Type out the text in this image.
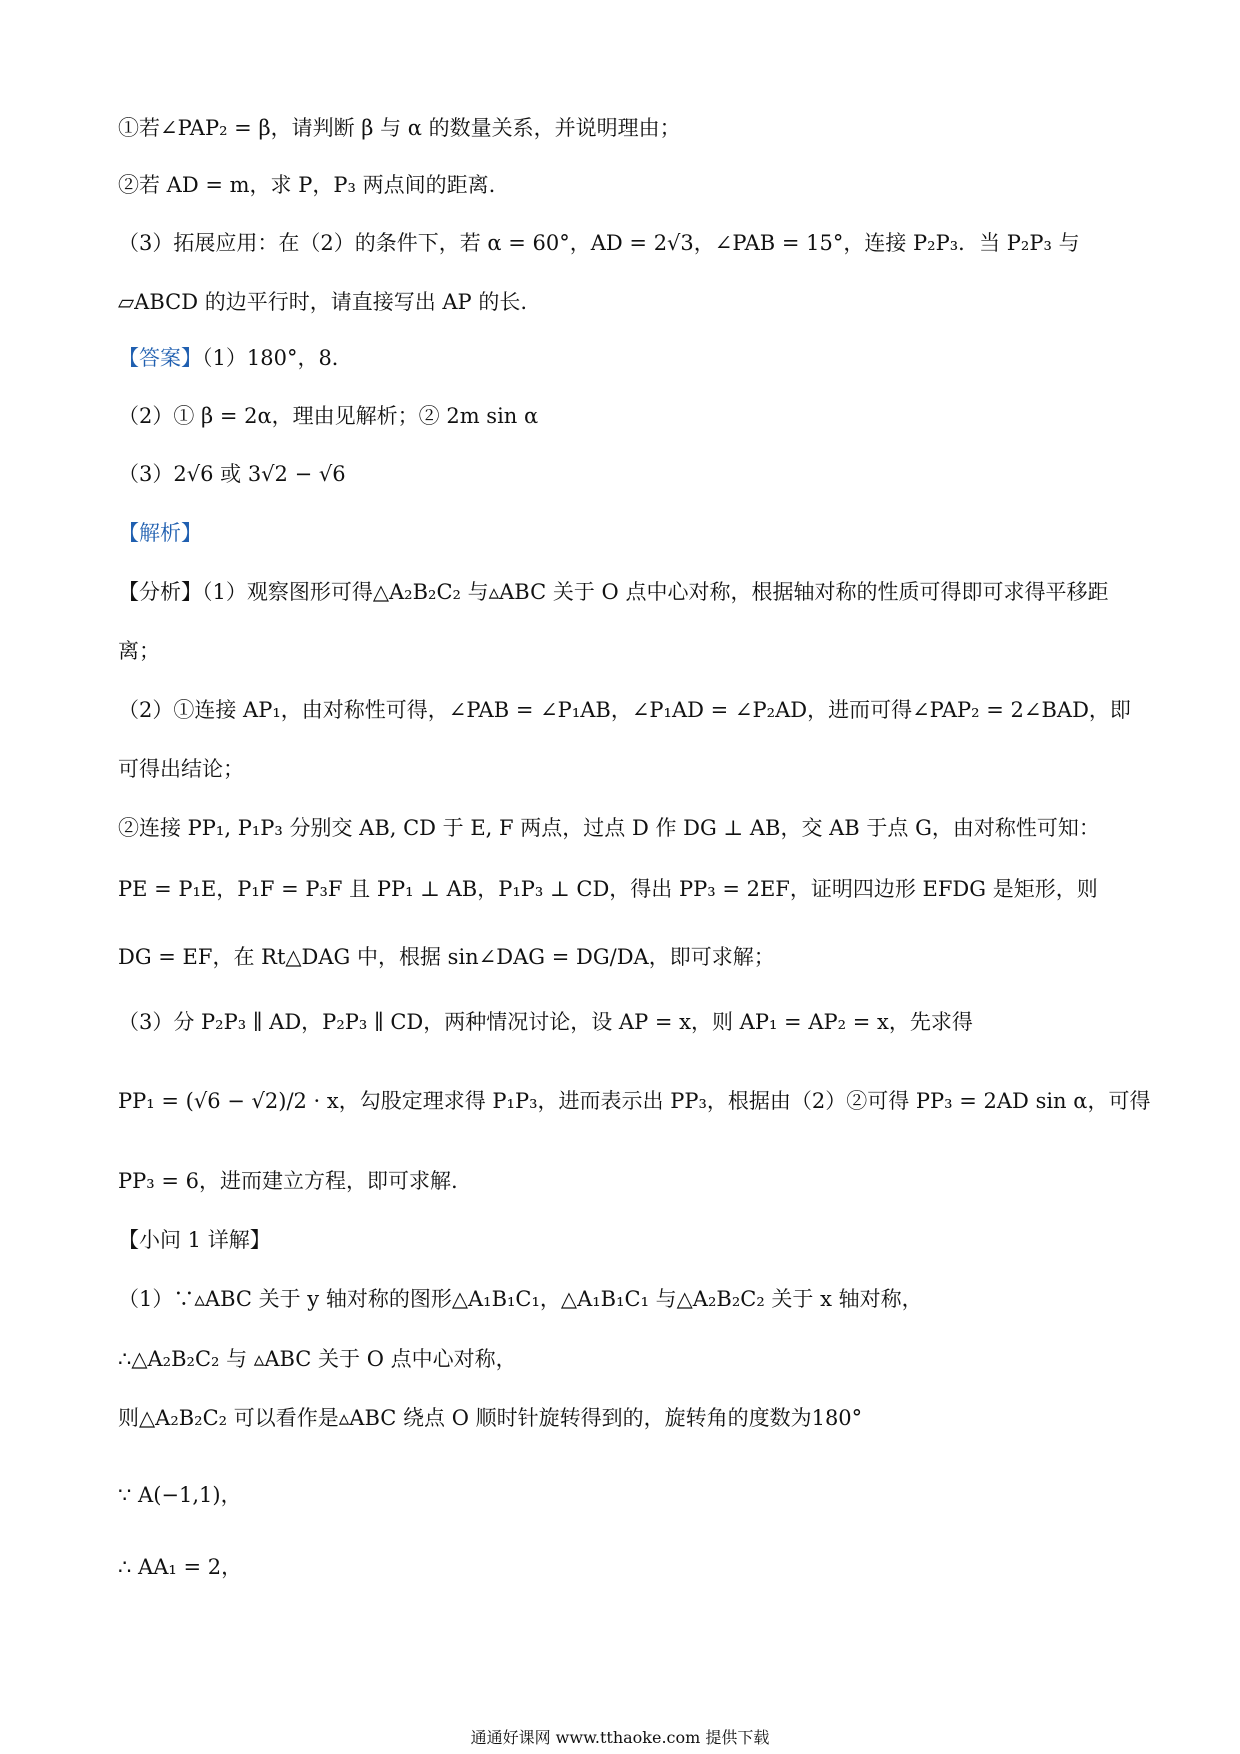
①若∠PAP₂ = β，请判断 β 与 α 的数量关系，并说明理由；
②若 AD = m，求 P，P₃ 两点间的距离.
（3）拓展应用：在（2）的条件下，若 α = 60°，AD = 2√3，∠PAB = 15°，连接 P₂P₃．当 P₂P₃ 与
▱ABCD 的边平行时，请直接写出 AP 的长.
【答案】（1）180°，8．
（2）① β = 2α，理由见解析；② 2m sin α
（3）2√6 或 3√2 − √6
【解析】
【分析】（1）观察图形可得△A₂B₂C₂ 与▵ABC 关于 O 点中心对称，根据轴对称的性质可得即可求得平移距
离；
（2）①连接 AP₁，由对称性可得，∠PAB = ∠P₁AB，∠P₁AD = ∠P₂AD，进而可得∠PAP₂ = 2∠BAD，即
可得出结论；
②连接 PP₁, P₁P₃ 分别交 AB, CD 于 E, F 两点，过点 D 作 DG ⊥ AB，交 AB 于点 G，由对称性可知：
PE = P₁E，P₁F = P₃F 且 PP₁ ⊥ AB，P₁P₃ ⊥ CD，得出 PP₃ = 2EF，证明四边形 EFDG 是矩形，则
DG = EF，在 Rt△DAG 中，根据 sin∠DAG = DG/DA，即可求解；
（3）分 P₂P₃ ∥ AD，P₂P₃ ∥ CD，两种情况讨论，设 AP = x，则 AP₁ = AP₂ = x，先求得
PP₁ = (√6 − √2)/2 · x，勾股定理求得 P₁P₃，进而表示出 PP₃，根据由（2）②可得 PP₃ = 2AD sin α，可得
PP₃ = 6，进而建立方程，即可求解.
【小问 1 详解】
（1）∵▵ABC 关于 y 轴对称的图形△A₁B₁C₁，△A₁B₁C₁ 与△A₂B₂C₂ 关于 x 轴对称，
∴△A₂B₂C₂ 与 ▵ABC 关于 O 点中心对称，
则△A₂B₂C₂ 可以看作是▵ABC 绕点 O 顺时针旋转得到的，旋转角的度数为180°
∵ A(−1,1)，
∴ AA₁ = 2，
通通好课网 www.tthaoke.com 提供下载
